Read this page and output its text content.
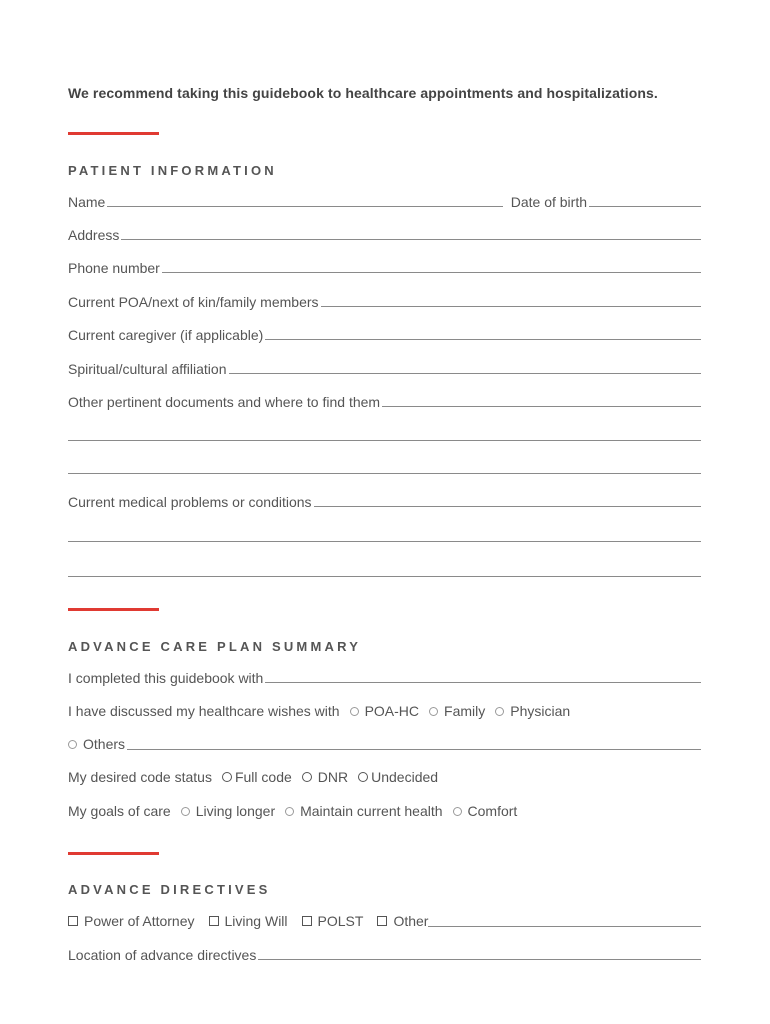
We recommend taking this guidebook to healthcare appointments and hospitalizations.
PATIENT INFORMATION
Name	Date of birth
Address
Phone number
Current POA/next of kin/family members
Current caregiver (if applicable)
Spiritual/cultural affiliation
Other pertinent documents and where to find them
Current medical problems or conditions
ADVANCE CARE PLAN SUMMARY
I completed this guidebook with
I have discussed my healthcare wishes with POA-HC Family Physician
Others
My desired code status Full code DNR Undecided
My goals of care Living longer Maintain current health Comfort
ADVANCE DIRECTIVES
Power of Attorney Living Will POLST Other
Location of advance directives
